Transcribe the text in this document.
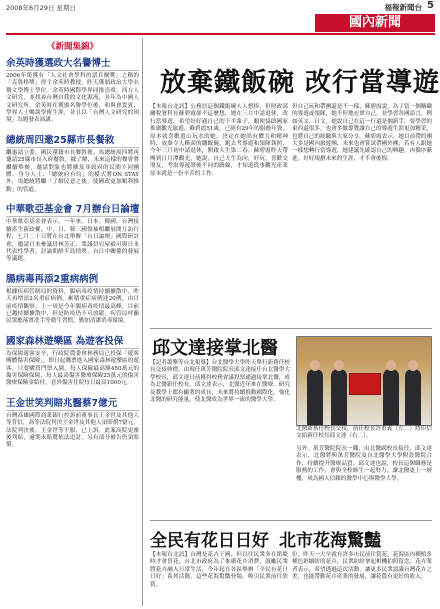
2008年6月29日 星期日	福報新聞台 5
國內新聞
《新聞集錦》
余英時獲選政大名譽博士
2006年榮獲有「人文社會學科的諾貝爾獎」之稱的「克魯格獎」得主余英時教授，昨天獲頒政治大學名譽文學博士學位。余英時國際學界同推崇重，西方人文研究，並找尋台灣自我的文化源流，長年為中國人文研究所，余英時在獲頒名譽學位後，和與會貴賓、學界人士暢談學術生涯，並且以「台灣人文研究的困境」為題發表演講。
總統周四邀25縣市長餐敘
繼惠請立委、國民黨籍市長餐敘後，馬總統周四將再邀請25縣市長入府餐敘，據了解，未來這樣的餐會將繼續舉辦，邀請對象也將擴及非政府的民間不同團體、身分人士、「總統府有約」的模式將ON STAY外，馬總統將繼「了解民意之後，使國政更加順利推動」的管道。
中華歌亞基金會 7月辦台日論壇
中華歌亞基金會表示，一年來，日本、韓國、台灣接續產生新政權，中、日、韓三國領袖相繼展開互訪行程，七月二十日將在台北舉辦「台日論壇」國際研討會，邀請日本參議員林芳正、衆議員岩屋毅可與日本代表性學者，討論朝鮮半島情勢、台日中關係的發展等議題。
腸病毒再添2重病病例
根據疾病管制局的資料，腸病毒疫情持續擴散中，昨天再增添2名重症病例，累積重症病例達20例，由目前疫情觀察，上一周是今年腸病毒疫情最高峰，目前已趨持續擴散中，但是防疫仍不可放鬆，疾管局呼籲民衆應落實洗手等衛生習慣，勤加清潔消毒環境。
國家森林遊樂區 為遊客投保
為保障遊客安全，行政院農委會林務局已投保「遊客團體傷害保險」，即日起購票進入國家森林遊樂區的遊客，只要購買門票入園，每人保險最高額450萬元的傷害保險保障，每人最高傷害醫療保險25萬元的傷害醫療保險金給付，意外傷害住院每日最高1000元。
王金世笑判賠兆醫蔡7億元
台灣高雄國際商業銀行控訴前董事長王金世及其他人等背信，高等法院判決王金世及其他人須賠償7億元，法院判決後，王金世等不服，已上訴。此案高院更審後判賠，逾期未賠將依法追討，另有部分被告仍須賠償。
放棄鐵飯碗 改行當導遊
【本報台北訊】公務員這個鐵飯碗人人想捧，但財政部關稅署科長蘇碧霞卻不這麼想，她在三月中請退休，改行當導遊，希望好好過自己的下半輩子，順便協助國家推廣觀光旅遊。蘇碧霞51歲，已經有29年的服務年資，原本就喜歡遊山玩水的她，決定在她尚有體力和精神時，放棄令人稱羨的鐵飯碗，跑去考導遊和領隊執照，今年三月初申請退休，開啟人生第二春。蘇碧霞昨天帶團到日月潭觀光，她說，自己天生為向，好玩，喜歡交朋友，考取導遊證後不同的路線，才知道從事觀光產業原本就是一份辛苦的工作。
但自己玩和帶團還是不一樣，蘇碧霞說，為了當一個稱職的導遊或領隊，她不停地充實自己，並學習各國語言，例如英文、日文，她說自己在這一行還是個新手，要學習的東西還很多，也會多做導覽讓自己的導遊生涯更加精采，也將自己的經驗與大家分享。蘇碧霞表示，她目前帶的團大多是國內旅遊團，未來也會嘗試帶國外團；若有人跟她一樣想轉行當導遊，她建議先確認自己的興趣，再循序漸進，好好規劃未來的生涯，才不會後悔。
邱文達接掌北醫
【記者蕭擎等台北報導】台北醫學大學昨天舉行新舊任校長交接典禮，由現任萬芳醫院院長邱文達接任台北醫學大學校長，邱文達日前獲得校務會議投票通過接掌北醫，成為北醫新任校長。邱文達表示，北醫近年來在醫療、研究及教學上都有顯著的成長，未來將持續推動國際化，強化北醫的研究能量，使北醫成為世界一流的醫學大學。
北醫新舊任校長交接，前任校長許重義（左二）將印信交給新任校長邱文達（右二）。
另外，萬芳醫院院長一職，由北醫副校長接任，邱文達表示，北醫將與萬芳醫院及台北醫學大學附設醫院合作，持續提升醫療品質。邱文達也說，校長這個職務是服務的工作，會與全校師生一起努力，讓北醫更上一層樓，成為國人信賴的醫學中心與醫學大學。
全民有花日日好 北市花海驚豔
【本報台北訊】台灣是花卉王國，但以往民衆多在節慶時才會買花，台北市政府為了推廣花卉消費，鼓勵民衆將花卉融入日常生活，今年起在各區舉辦「全民有花日日好」系列活動，這些花海驚豔登場，吸引民衆前往欣賞。
位，昨天一大早就有許多市民前往賞花，花海區內種植多種色彩繽紛的花卉，民衆紛紛拿起相機拍照留念，花卉業者表示，希望透過這次活動，讓更多民衆認識台灣花卉之美，也能帶動花卉產業的發展，讓花農有更好的收入。
